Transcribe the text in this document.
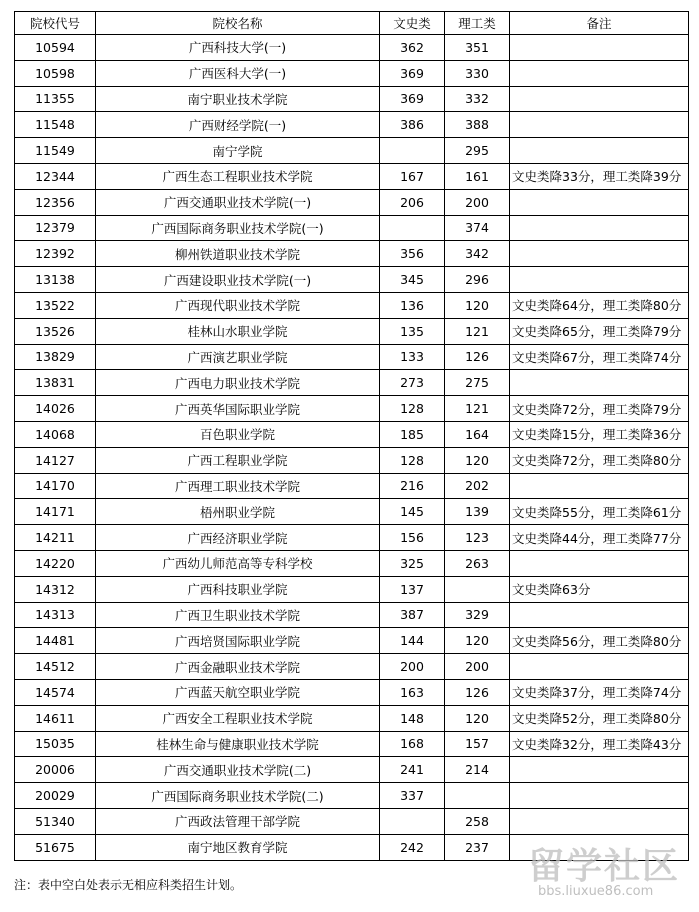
院校代号	院校名称	文史类	理工类	备注
10594	广西科技大学(一)	362	351	
10598	广西医科大学(一)	369	330	
11355	南宁职业技术学院	369	332	
11548	广西财经学院(一)	386	388	
11549	南宁学院		295	
12344	广西生态工程职业技术学院	167	161	文史类降33分，理工类降39分
12356	广西交通职业技术学院(一)	206	200	
12379	广西国际商务职业技术学院(一)		374	
12392	柳州铁道职业技术学院	356	342	
13138	广西建设职业技术学院(一)	345	296	
13522	广西现代职业技术学院	136	120	文史类降64分，理工类降80分
13526	桂林山水职业学院	135	121	文史类降65分，理工类降79分
13829	广西演艺职业学院	133	126	文史类降67分，理工类降74分
13831	广西电力职业技术学院	273	275	
14026	广西英华国际职业学院	128	121	文史类降72分，理工类降79分
14068	百色职业学院	185	164	文史类降15分，理工类降36分
14127	广西工程职业学院	128	120	文史类降72分，理工类降80分
14170	广西理工职业技术学院	216	202	
14171	梧州职业学院	145	139	文史类降55分，理工类降61分
14211	广西经济职业学院	156	123	文史类降44分，理工类降77分
14220	广西幼儿师范高等专科学校	325	263	
14312	广西科技职业学院	137		文史类降63分
14313	广西卫生职业技术学院	387	329	
14481	广西培贤国际职业学院	144	120	文史类降56分，理工类降80分
14512	广西金融职业技术学院	200	200	
14574	广西蓝天航空职业学院	163	126	文史类降37分，理工类降74分
14611	广西安全工程职业技术学院	148	120	文史类降52分，理工类降80分
15035	桂林生命与健康职业技术学院	168	157	文史类降32分，理工类降43分
20006	广西交通职业技术学院(二)	241	214	
20029	广西国际商务职业技术学院(二)	337		
51340	广西政法管理干部学院		258	
51675	南宁地区教育学院	242	237	
注：表中空白处表示无相应科类招生计划。	留学社区
bbs.liuxue86.com
